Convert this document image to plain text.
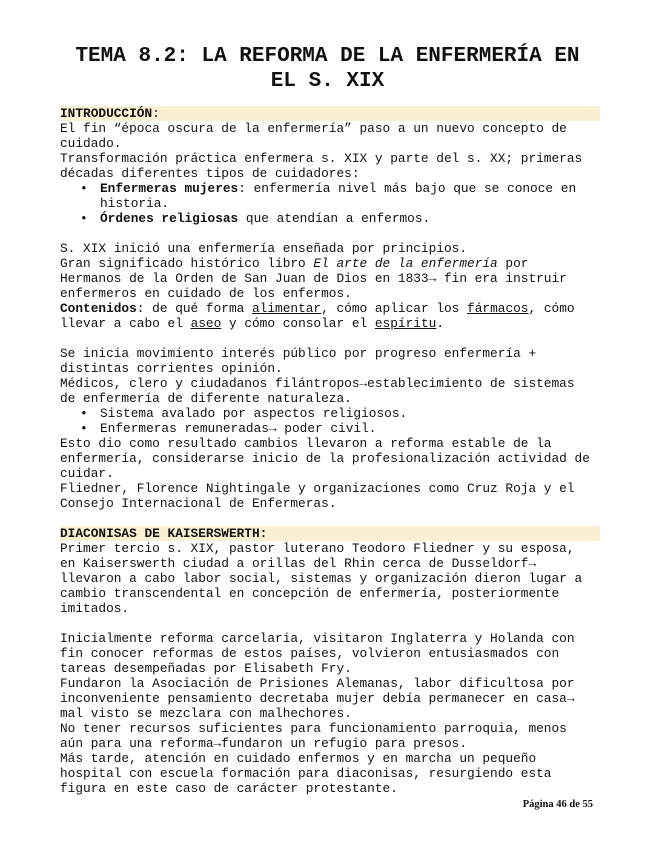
TEMA 8.2: LA REFORMA DE LA ENFERMERÍA EN
EL S. XIX
INTRODUCCIÓN:
El fin “época oscura de la enfermería” paso a un nuevo concepto de
cuidado.
Transformación práctica enfermera s. XIX y parte del s. XX; primeras
décadas diferentes tipos de cuidadores:
• Enfermeras mujeres: enfermería nivel más bajo que se conoce en
historia.
• Órdenes religiosas que atendían a enfermos.
S. XIX inició una enfermería enseñada por principios.
Gran significado histórico libro El arte de la enfermería por
Hermanos de la Orden de San Juan de Dios en 1833→ fin era instruir
enfermeros en cuidado de los enfermos.
Contenidos: de qué forma alimentar, cómo aplicar los fármacos, cómo
llevar a cabo el aseo y cómo consolar el espíritu.
Se inicia movimiento interés público por progreso enfermería +
distintas corrientes opinión.
Médicos, clero y ciudadanos filántropos→establecimiento de sistemas
de enfermería de diferente naturaleza.
• Sistema avalado por aspectos religiosos.
• Enfermeras remuneradas→ poder civil.
Esto dio como resultado cambios llevaron a reforma estable de la
enfermería, considerarse inicio de la profesionalización actividad de
cuidar.
Fliedner, Florence Nightingale y organizaciones como Cruz Roja y el
Consejo Internacional de Enfermeras.
DIACONISAS DE KAISERSWERTH:
Primer tercio s. XIX, pastor luterano Teodoro Fliedner y su esposa,
en Kaiserswerth ciudad a orillas del Rhin cerca de Dusseldorf→
llevaron a cabo labor social, sistemas y organización dieron lugar a
cambio transcendental en concepción de enfermería, posteriormente
imitados.
Inicialmente reforma carcelaria, visitaron Inglaterra y Holanda con
fin conocer reformas de estos países, volvieron entusiasmados con
tareas desempeñadas por Elisabeth Fry.
Fundaron la Asociación de Prisiones Alemanas, labor dificultosa por
inconveniente pensamiento decretaba mujer debía permanecer en casa→
mal visto se mezclara con malhechores.
No tener recursos suficientes para funcionamiento parroquia, menos
aún para una reforma→fundaron un refugio para presos.
Más tarde, atención en cuidado enfermos y en marcha un pequeño
hospital con escuela formación para diaconisas, resurgiendo esta
figura en este caso de carácter protestante.
Página 46 de 55
